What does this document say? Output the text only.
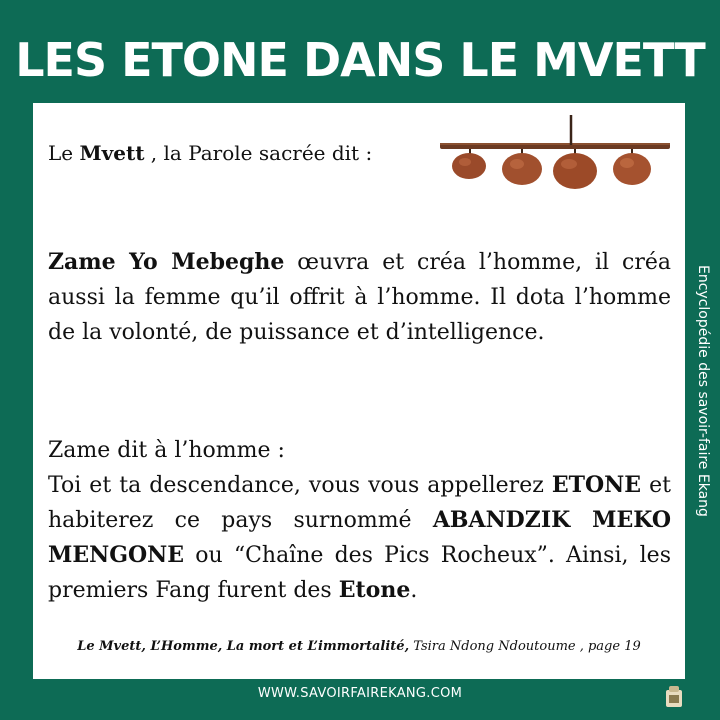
LES ETONE DANS LE MVETT
Encyclopédie des savoir-faire Ekang
Le Mvett , la Parole sacrée dit :
Zame Yo Mebeghe œuvra et créa l’homme, il créa aussi la femme qu’il offrit à l’homme. Il dota l’homme de la volonté, de puissance et d’intelligence.
Zame dit à l’homme :
Toi et ta descendance, vous vous appellerez ETONE et habiterez ce pays surnommé ABANDZIK MEKO MENGONE ou “Chaîne des Pics Rocheux”. Ainsi, les premiers Fang furent des Etone.
Le Mvett, L’Homme, La mort et L’immortalité, Tsira Ndong Ndoutoume , page 19
WWW.SAVOIRFAIREKANG.COM
